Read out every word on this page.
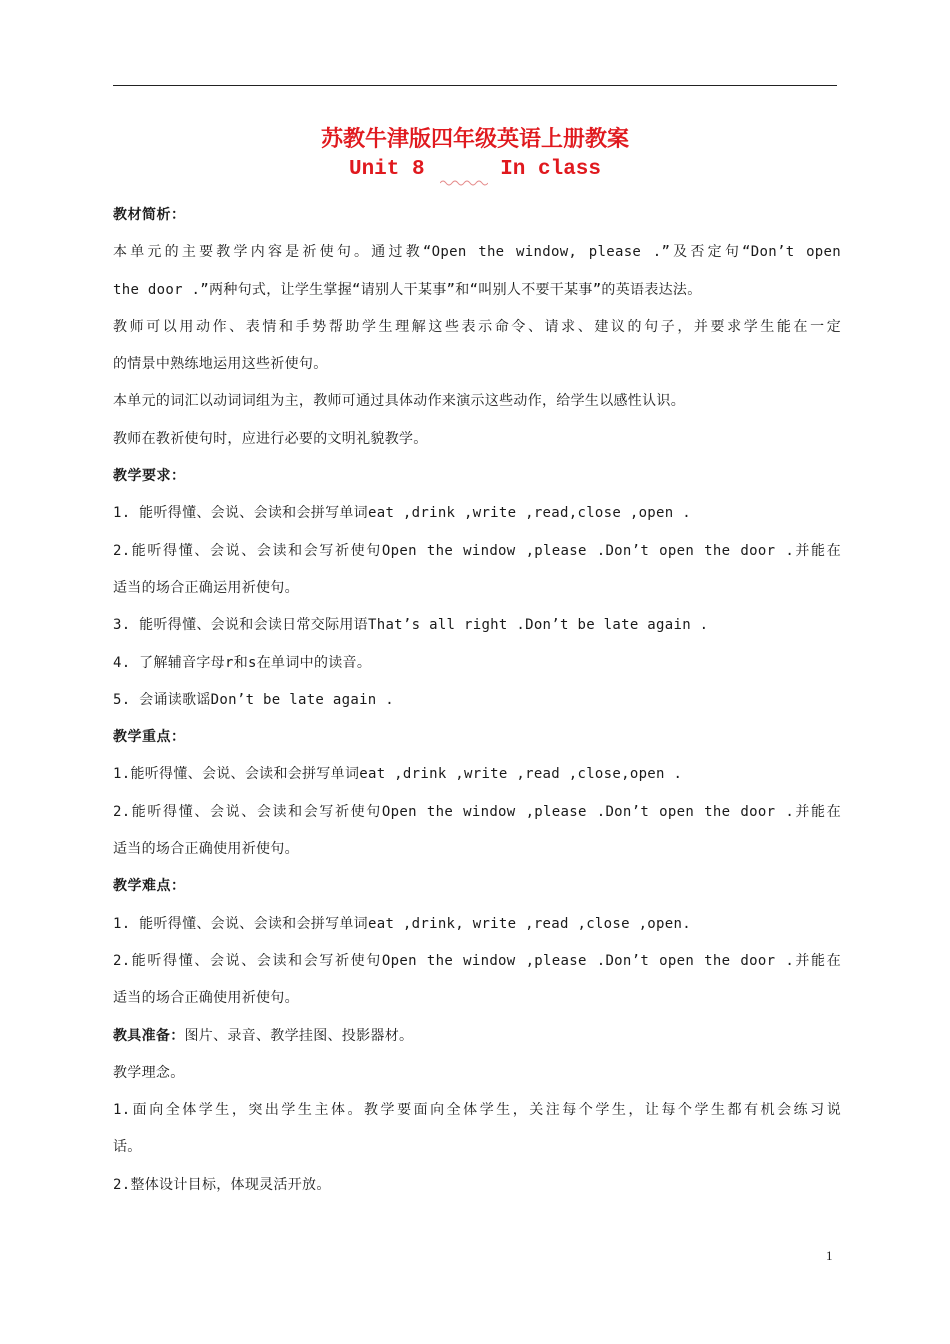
苏教牛津版四年级英语上册教案
Unit 8      In class
教材简析：
本单元的主要教学内容是祈使句。通过教“Open the window, please .”及否定句“Don’t open
the door .”两种句式，让学生掌握“请别人干某事”和“叫别人不要干某事”的英语表达法。
教师可以用动作、表情和手势帮助学生理解这些表示命令、请求、建议的句子，并要求学生能在一定
的情景中熟练地运用这些祈使句。
本单元的词汇以动词词组为主，教师可通过具体动作来演示这些动作，给学生以感性认识。
教师在教祈使句时，应进行必要的文明礼貌教学。
教学要求：
1. 能听得懂、会说、会读和会拼写单词eat ,drink ,write ,read,close ,open .
2.能听得懂、会说、会读和会写祈使句Open the window ,please .Don’t open the door .并能在
适当的场合正确运用祈使句。
3. 能听得懂、会说和会读日常交际用语That’s all right .Don’t be late again .
4. 了解辅音字母r和s在单词中的读音。
5. 会诵读歌谣Don’t be late again .
教学重点：
1.能听得懂、会说、会读和会拼写单词eat ,drink ,write ,read ,close,open .
2.能听得懂、会说、会读和会写祈使句Open the window ,please .Don’t open the door .并能在
适当的场合正确使用祈使句。
教学难点：
1. 能听得懂、会说、会读和会拼写单词eat ,drink, write ,read ,close ,open.
2.能听得懂、会说、会读和会写祈使句Open the window ,please .Don’t open the door .并能在
适当的场合正确使用祈使句。
教具准备：图片、录音、教学挂图、投影器材。
教学理念。
1.面向全体学生，突出学生主体。教学要面向全体学生，关注每个学生，让每个学生都有机会练习说
话。
2.整体设计目标，体现灵活开放。
1
